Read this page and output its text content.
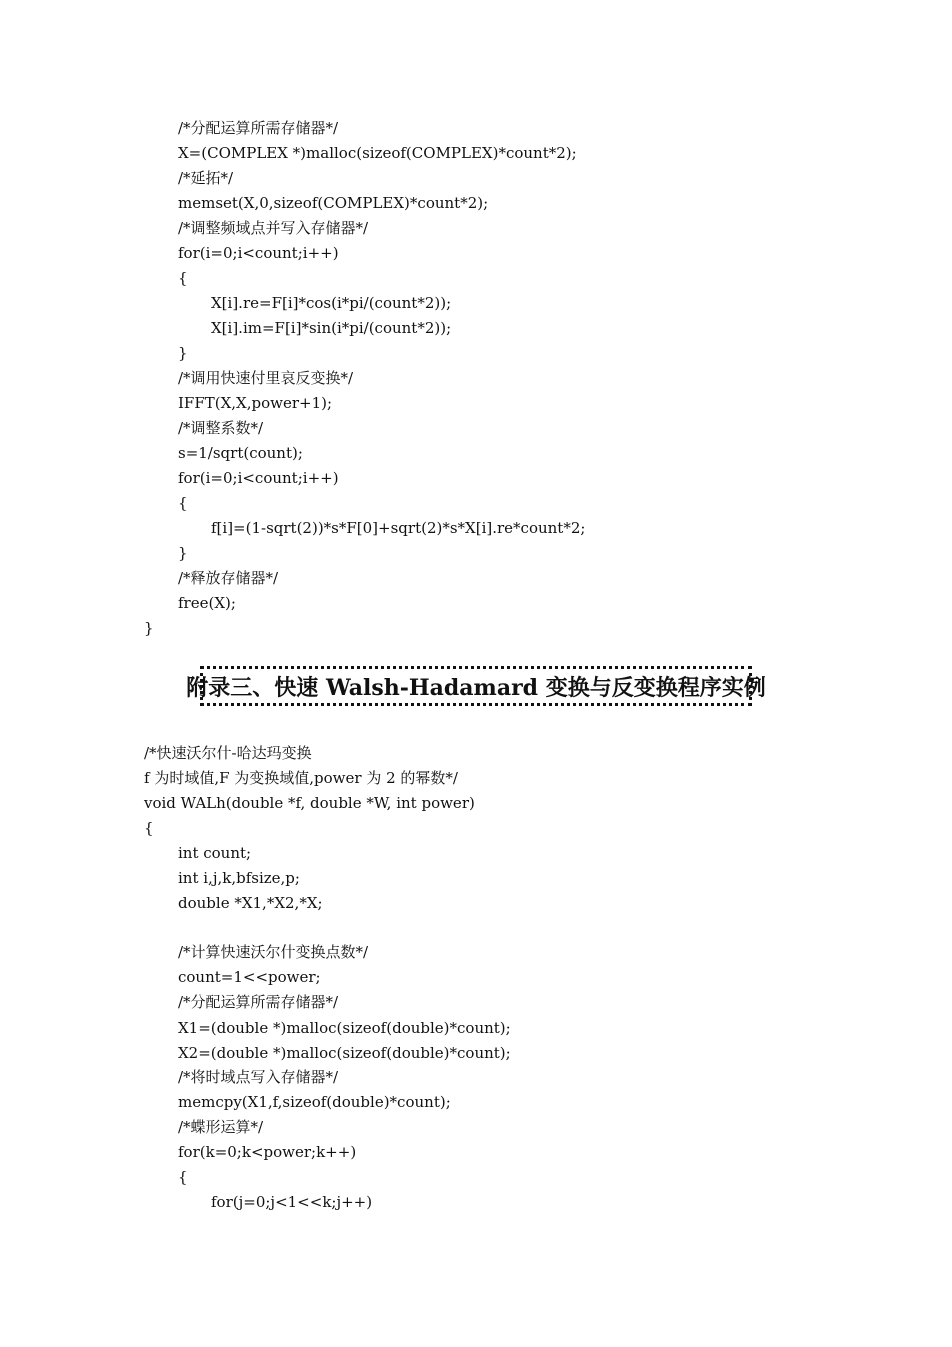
/*分配运算所需存储器*/
X=(COMPLEX *)malloc(sizeof(COMPLEX)*count*2);
/*延拓*/
memset(X,0,sizeof(COMPLEX)*count*2);
/*调整频域点并写入存储器*/
for(i=0;i<count;i++)
{
X[i].re=F[i]*cos(i*pi/(count*2));
X[i].im=F[i]*sin(i*pi/(count*2));
}
/*调用快速付里哀反变换*/
IFFT(X,X,power+1);
/*调整系数*/
s=1/sqrt(count);
for(i=0;i<count;i++)
{
f[i]=(1-sqrt(2))*s*F[0]+sqrt(2)*s*X[i].re*count*2;
}
/*释放存储器*/
free(X);
}
附录三、快速 Walsh-Hadamard 变换与反变换程序实例
/*快速沃尔什-哈达玛变换
f 为时域值,F 为变换域值,power 为 2 的幂数*/
void WALh(double *f, double *W, int power)
{
int count;
int i,j,k,bfsize,p;
double *X1,*X2,*X;
/*计算快速沃尔什变换点数*/
count=1<<power;
/*分配运算所需存储器*/
X1=(double *)malloc(sizeof(double)*count);
X2=(double *)malloc(sizeof(double)*count);
/*将时域点写入存储器*/
memcpy(X1,f,sizeof(double)*count);
/*蝶形运算*/
for(k=0;k<power;k++)
{
for(j=0;j<1<<k;j++)
